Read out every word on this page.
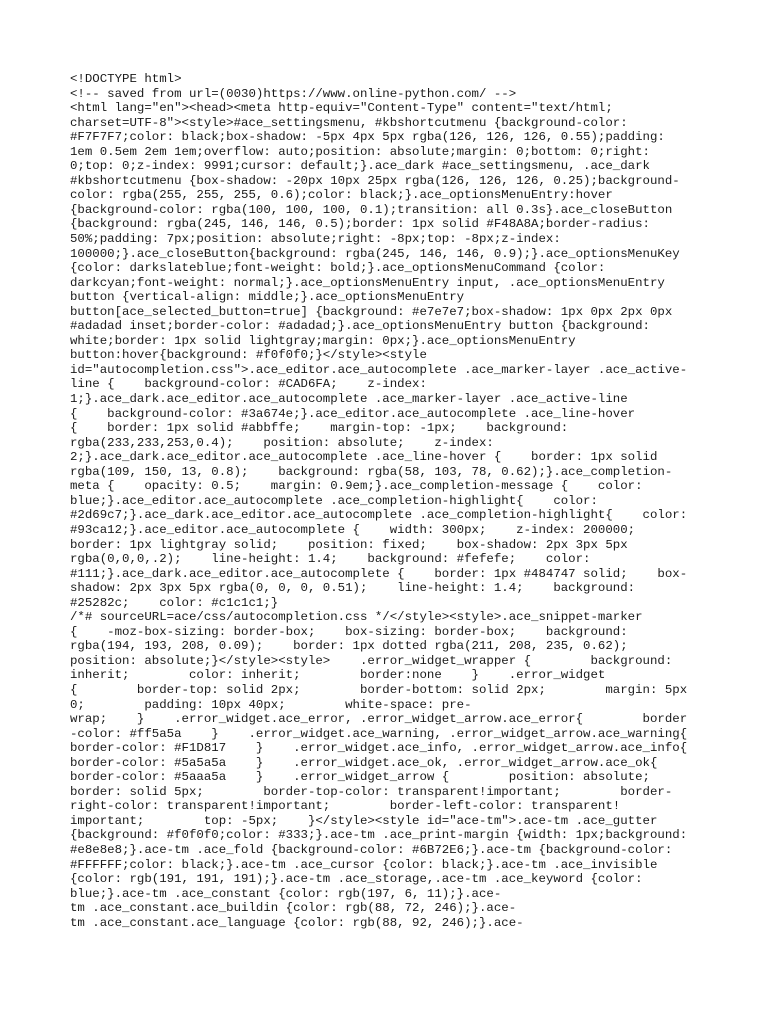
<!DOCTYPE html>
<!-- saved from url=(0030)https://www.online-python.com/ -->
<html lang="en"><head><meta http-equiv="Content-Type" content="text/html;
charset=UTF-8"><style>#ace_settingsmenu, #kbshortcutmenu {background-color:
#F7F7F7;color: black;box-shadow: -5px 4px 5px rgba(126, 126, 126, 0.55);padding:
1em 0.5em 2em 1em;overflow: auto;position: absolute;margin: 0;bottom: 0;right:
0;top: 0;z-index: 9991;cursor: default;}.ace_dark #ace_settingsmenu, .ace_dark
#kbshortcutmenu {box-shadow: -20px 10px 25px rgba(126, 126, 126, 0.25);background-
color: rgba(255, 255, 255, 0.6);color: black;}.ace_optionsMenuEntry:hover
{background-color: rgba(100, 100, 100, 0.1);transition: all 0.3s}.ace_closeButton
{background: rgba(245, 146, 146, 0.5);border: 1px solid #F48A8A;border-radius:
50%;padding: 7px;position: absolute;right: -8px;top: -8px;z-index:
100000;}.ace_closeButton{background: rgba(245, 146, 146, 0.9);}.ace_optionsMenuKey
{color: darkslateblue;font-weight: bold;}.ace_optionsMenuCommand {color:
darkcyan;font-weight: normal;}.ace_optionsMenuEntry input, .ace_optionsMenuEntry
button {vertical-align: middle;}.ace_optionsMenuEntry
button[ace_selected_button=true] {background: #e7e7e7;box-shadow: 1px 0px 2px 0px
#adadad inset;border-color: #adadad;}.ace_optionsMenuEntry button {background:
white;border: 1px solid lightgray;margin: 0px;}.ace_optionsMenuEntry
button:hover{background: #f0f0f0;}</style><style
id="autocompletion.css">.ace_editor.ace_autocomplete .ace_marker-layer .ace_active-
line {    background-color: #CAD6FA;    z-index:
1;}.ace_dark.ace_editor.ace_autocomplete .ace_marker-layer .ace_active-line
{    background-color: #3a674e;}.ace_editor.ace_autocomplete .ace_line-hover
{    border: 1px solid #abbffe;    margin-top: -1px;    background:
rgba(233,233,253,0.4);    position: absolute;    z-index:
2;}.ace_dark.ace_editor.ace_autocomplete .ace_line-hover {    border: 1px solid
rgba(109, 150, 13, 0.8);    background: rgba(58, 103, 78, 0.62);}.ace_completion-
meta {    opacity: 0.5;    margin: 0.9em;}.ace_completion-message {    color:
blue;}.ace_editor.ace_autocomplete .ace_completion-highlight{    color:
#2d69c7;}.ace_dark.ace_editor.ace_autocomplete .ace_completion-highlight{    color:
#93ca12;}.ace_editor.ace_autocomplete {    width: 300px;    z-index: 200000;
border: 1px lightgray solid;    position: fixed;    box-shadow: 2px 3px 5px
rgba(0,0,0,.2);    line-height: 1.4;    background: #fefefe;    color:
#111;}.ace_dark.ace_editor.ace_autocomplete {    border: 1px #484747 solid;    box-
shadow: 2px 3px 5px rgba(0, 0, 0, 0.51);    line-height: 1.4;    background:
#25282c;    color: #c1c1c1;}
/*# sourceURL=ace/css/autocompletion.css */</style><style>.ace_snippet-marker
{    -moz-box-sizing: border-box;    box-sizing: border-box;    background:
rgba(194, 193, 208, 0.09);    border: 1px dotted rgba(211, 208, 235, 0.62);
position: absolute;}</style><style>    .error_widget_wrapper {        background:
inherit;        color: inherit;        border:none    }    .error_widget
{        border-top: solid 2px;        border-bottom: solid 2px;        margin: 5px
0;        padding: 10px 40px;        white-space: pre-
wrap;    }    .error_widget.ace_error, .error_widget_arrow.ace_error{        border
-color: #ff5a5a    }    .error_widget.ace_warning, .error_widget_arrow.ace_warning{
border-color: #F1D817    }    .error_widget.ace_info, .error_widget_arrow.ace_info{
border-color: #5a5a5a    }    .error_widget.ace_ok, .error_widget_arrow.ace_ok{
border-color: #5aaa5a    }    .error_widget_arrow {        position: absolute;
border: solid 5px;        border-top-color: transparent!important;        border-
right-color: transparent!important;        border-left-color: transparent!
important;        top: -5px;    }</style><style id="ace-tm">.ace-tm .ace_gutter
{background: #f0f0f0;color: #333;}.ace-tm .ace_print-margin {width: 1px;background:
#e8e8e8;}.ace-tm .ace_fold {background-color: #6B72E6;}.ace-tm {background-color:
#FFFFFF;color: black;}.ace-tm .ace_cursor {color: black;}.ace-tm .ace_invisible
{color: rgb(191, 191, 191);}.ace-tm .ace_storage,.ace-tm .ace_keyword {color:
blue;}.ace-tm .ace_constant {color: rgb(197, 6, 11);}.ace-
tm .ace_constant.ace_buildin {color: rgb(88, 72, 246);}.ace-
tm .ace_constant.ace_language {color: rgb(88, 92, 246);}.ace-
